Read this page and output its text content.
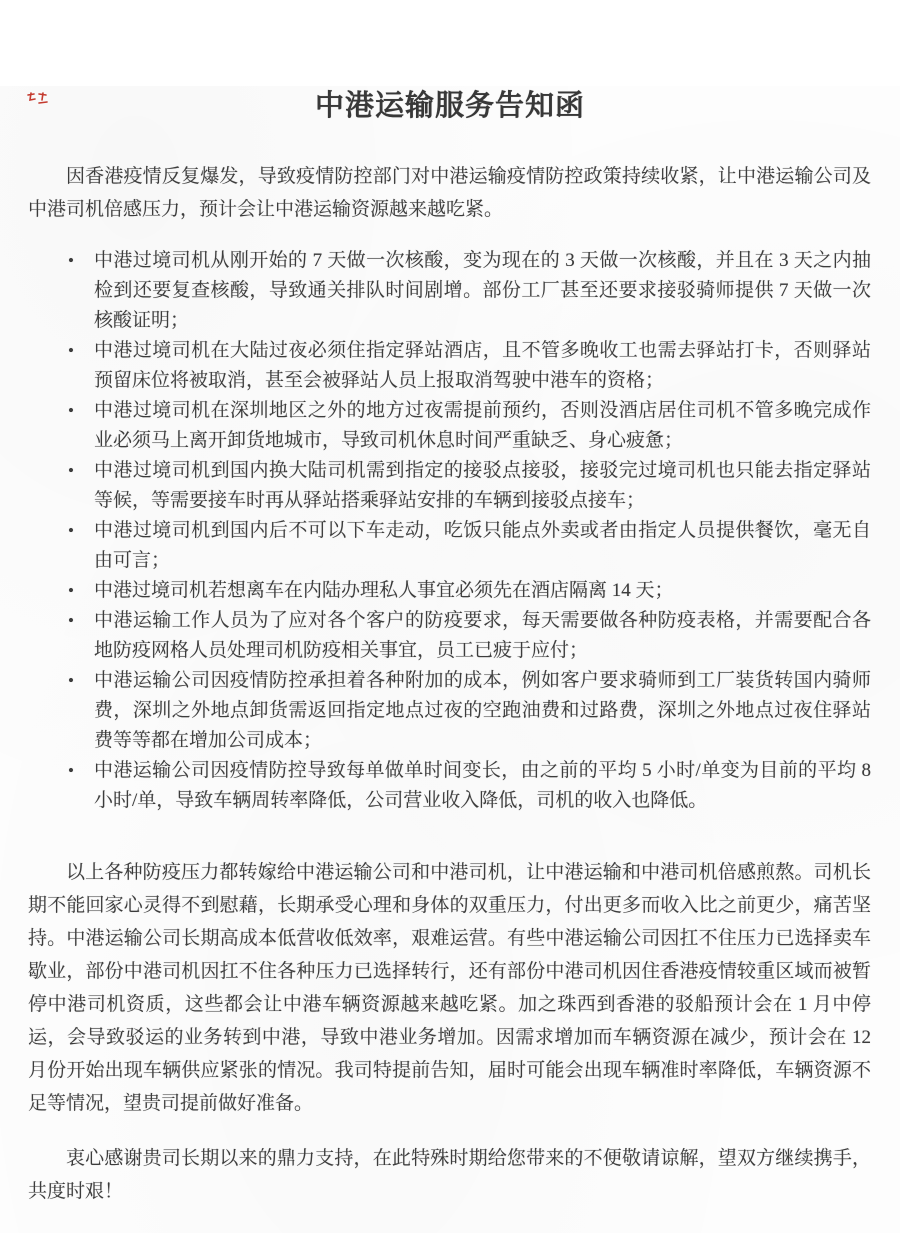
中港运输服务告知函

因香港疫情反复爆发，导致疫情防控部门对中港运输疫情防控政策持续收紧，让中港运输公司及中港司机倍感压力，预计会让中港运输资源越来越吃紧。

• 中港过境司机从刚开始的 7 天做一次核酸，变为现在的 3 天做一次核酸，并且在 3 天之内抽检到还要复查核酸，导致通关排队时间剧增。部份工厂甚至还要求接驳骑师提供 7 天做一次核酸证明；
• 中港过境司机在大陆过夜必须住指定驿站酒店，且不管多晚收工也需去驿站打卡，否则驿站预留床位将被取消，甚至会被驿站人员上报取消驾驶中港车的资格；
• 中港过境司机在深圳地区之外的地方过夜需提前预约，否则没酒店居住司机不管多晚完成作业必须马上离开卸货地城市，导致司机休息时间严重缺乏、身心疲惫；
• 中港过境司机到国内换大陆司机需到指定的接驳点接驳，接驳完过境司机也只能去指定驿站等候，等需要接车时再从驿站搭乘驿站安排的车辆到接驳点接车；
• 中港过境司机到国内后不可以下车走动，吃饭只能点外卖或者由指定人员提供餐饮，毫无自由可言；
• 中港过境司机若想离车在内陆办理私人事宜必须先在酒店隔离 14 天；
• 中港运输工作人员为了应对各个客户的防疫要求，每天需要做各种防疫表格，并需要配合各地防疫网格人员处理司机防疫相关事宜，员工已疲于应付；
• 中港运输公司因疫情防控承担着各种附加的成本，例如客户要求骑师到工厂装货转国内骑师费，深圳之外地点卸货需返回指定地点过夜的空跑油费和过路费，深圳之外地点过夜住驿站费等等都在增加公司成本；
• 中港运输公司因疫情防控导致每单做单时间变长，由之前的平均 5 小时/单变为目前的平均 8 小时/单，导致车辆周转率降低，公司营业收入降低，司机的收入也降低。

以上各种防疫压力都转嫁给中港运输公司和中港司机，让中港运输和中港司机倍感煎熬。司机长期不能回家心灵得不到慰藉，长期承受心理和身体的双重压力，付出更多而收入比之前更少，痛苦坚持。中港运输公司长期高成本低营收低效率，艰难运营。有些中港运输公司因扛不住压力已选择卖车歇业，部份中港司机因扛不住各种压力已选择转行，还有部份中港司机因住香港疫情较重区域而被暂停中港司机资质，这些都会让中港车辆资源越来越吃紧。加之珠西到香港的驳船预计会在 1 月中停运，会导致驳运的业务转到中港，导致中港业务增加。因需求增加而车辆资源在减少，预计会在 12 月份开始出现车辆供应紧张的情况。我司特提前告知，届时可能会出现车辆准时率降低，车辆资源不足等情况，望贵司提前做好准备。

衷心感谢贵司长期以来的鼎力支持，在此特殊时期给您带来的不便敬请谅解，望双方继续携手，共度时艰！
